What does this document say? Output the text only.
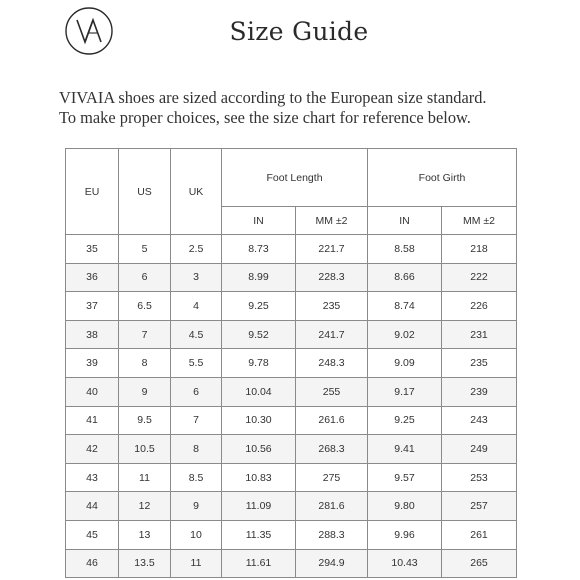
Size Guide
VIVAIA shoes are sized according to the European size standard.
To make proper choices, see the size chart for reference below.
EU	US	UK	Foot Length		Foot Girth	
			IN	MM ±2	IN	MM ±2
35	5	2.5	8.73	221.7	8.58	218
36	6	3	8.99	228.3	8.66	222
37	6.5	4	9.25	235	8.74	226
38	7	4.5	9.52	241.7	9.02	231
39	8	5.5	9.78	248.3	9.09	235
40	9	6	10.04	255	9.17	239
41	9.5	7	10.30	261.6	9.25	243
42	10.5	8	10.56	268.3	9.41	249
43	11	8.5	10.83	275	9.57	253
44	12	9	11.09	281.6	9.80	257
45	13	10	11.35	288.3	9.96	261
46	13.5	11	11.61	294.9	10.43	265
